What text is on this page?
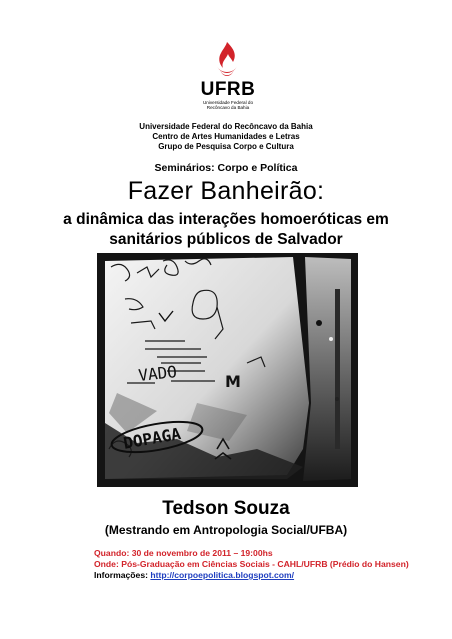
UFRB
Universidade Federal do
Recôncavo da Bahia
Universidade Federal do Recôncavo da Bahia
Centro de Artes Humanidades e Letras
Grupo de Pesquisa Corpo e Cultura
Seminários: Corpo e Política
Fazer Banheirão:
a dinâmica das interações homoeróticas em
sanitários públicos de Salvador
VADO	M
DOPAGA
Tedson Souza
(Mestrando em Antropologia Social/UFBA)
Quando: 30 de novembro de 2011 – 19:00hs
Onde: Pós-Graduação em Ciências Sociais - CAHL/UFRB (Prédio do Hansen)
Informações: http://corpoepolitica.blogspot.com/
